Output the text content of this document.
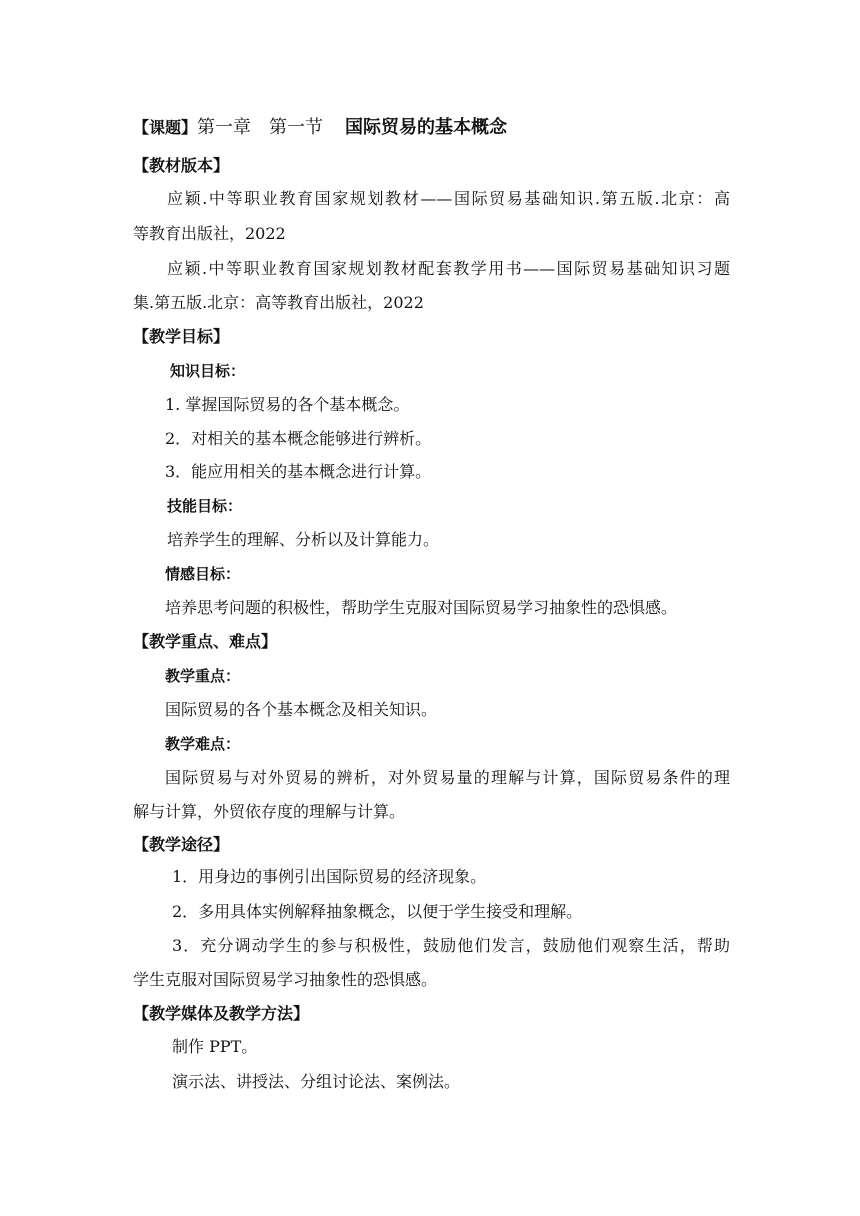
【课题】第一章 第一节 国际贸易的基本概念
【教材版本】
应颖.中等职业教育国家规划教材——国际贸易基础知识.第五版.北京：高
等教育出版社，2022
应颖.中等职业教育国家规划教材配套教学用书——国际贸易基础知识习题
集.第五版.北京：高等教育出版社，2022
【教学目标】
知识目标：
1. 掌握国际贸易的各个基本概念。
2．对相关的基本概念能够进行辨析。
3．能应用相关的基本概念进行计算。
技能目标：
培养学生的理解、分析以及计算能力。
情感目标：
培养思考问题的积极性，帮助学生克服对国际贸易学习抽象性的恐惧感。
【教学重点、难点】
教学重点：
国际贸易的各个基本概念及相关知识。
教学难点：
国际贸易与对外贸易的辨析，对外贸易量的理解与计算，国际贸易条件的理
解与计算，外贸依存度的理解与计算。
【教学途径】
1．用身边的事例引出国际贸易的经济现象。
2．多用具体实例解释抽象概念，以便于学生接受和理解。
3．充分调动学生的参与积极性，鼓励他们发言，鼓励他们观察生活，帮助
学生克服对国际贸易学习抽象性的恐惧感。
【教学媒体及教学方法】
制作 PPT。
演示法、讲授法、分组讨论法、案例法。
